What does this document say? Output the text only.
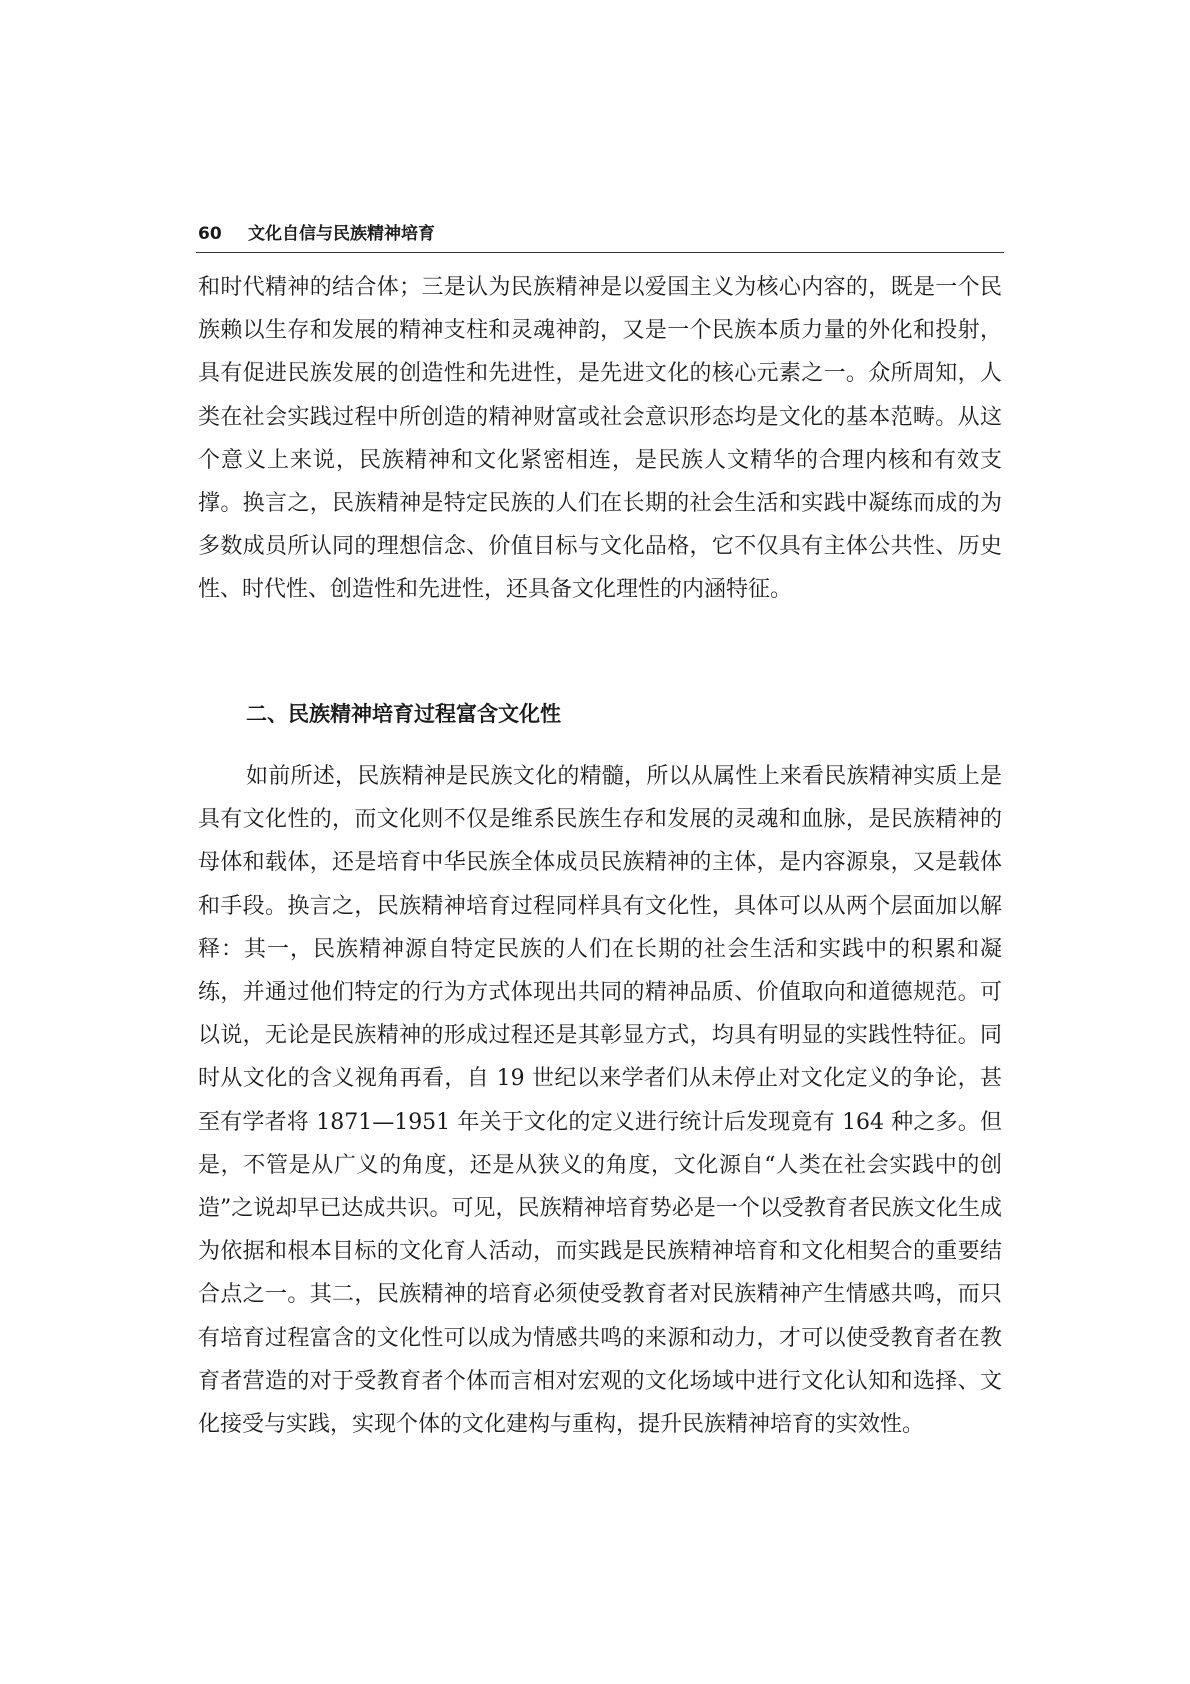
60 文化自信与民族精神培育

和时代精神的结合体；三是认为民族精神是以爱国主义为核心内容的，既是一个民族赖以生存和发展的精神支柱和灵魂神韵，又是一个民族本质力量的外化和投射，具有促进民族发展的创造性和先进性，是先进文化的核心元素之一。众所周知，人类在社会实践过程中所创造的精神财富或社会意识形态均是文化的基本范畴。从这个意义上来说，民族精神和文化紧密相连，是民族人文精华的合理内核和有效支撑。换言之，民族精神是特定民族的人们在长期的社会生活和实践中凝练而成的为多数成员所认同的理想信念、价值目标与文化品格，它不仅具有主体公共性、历史性、时代性、创造性和先进性，还具备文化理性的内涵特征。

二、民族精神培育过程富含文化性

如前所述，民族精神是民族文化的精髓，所以从属性上来看民族精神实质上是具有文化性的，而文化则不仅是维系民族生存和发展的灵魂和血脉，是民族精神的母体和载体，还是培育中华民族全体成员民族精神的主体，是内容源泉，又是载体和手段。换言之，民族精神培育过程同样具有文化性，具体可以从两个层面加以解释：其一，民族精神源自特定民族的人们在长期的社会生活和实践中的积累和凝练，并通过他们特定的行为方式体现出共同的精神品质、价值取向和道德规范。可以说，无论是民族精神的形成过程还是其彰显方式，均具有明显的实践性特征。同时从文化的含义视角再看，自 19 世纪以来学者们从未停止对文化定义的争论，甚至有学者将 1871—1951 年关于文化的定义进行统计后发现竟有 164 种之多。但是，不管是从广义的角度，还是从狭义的角度，文化源自“人类在社会实践中的创造”之说却早已达成共识。可见，民族精神培育势必是一个以受教育者民族文化生成为依据和根本目标的文化育人活动，而实践是民族精神培育和文化相契合的重要结合点之一。其二，民族精神的培育必须使受教育者对民族精神产生情感共鸣，而只有培育过程富含的文化性可以成为情感共鸣的来源和动力，才可以使受教育者在教育者营造的对于受教育者个体而言相对宏观的文化场域中进行文化认知和选择、文化接受与实践，实现个体的文化建构与重构，提升民族精神培育的实效性。
